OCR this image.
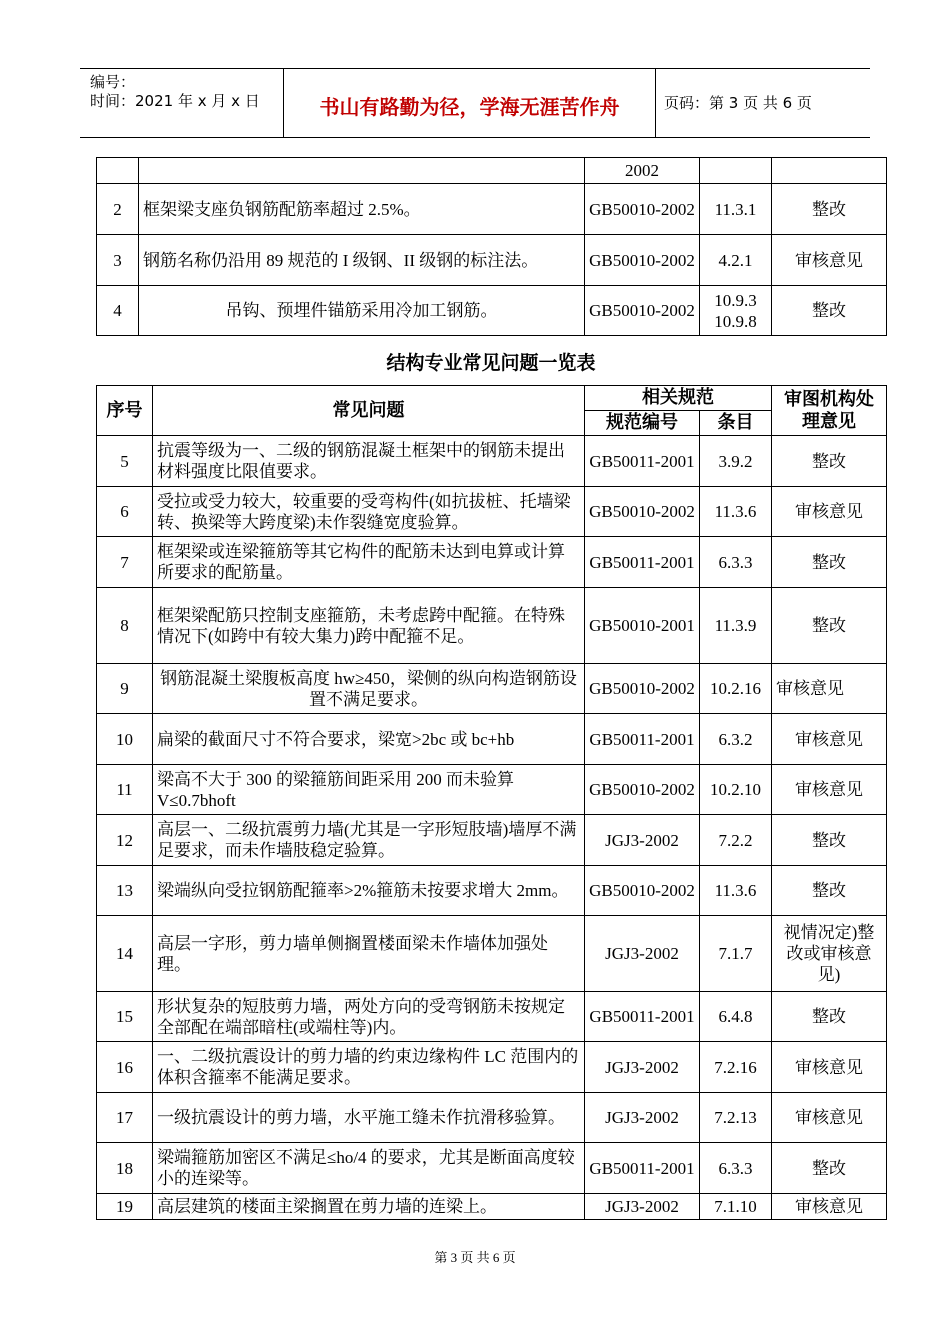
编号：
时间：2021 年 x 月 x 日	书山有路勤为径，学海无涯苦作舟	页码：第 3 页 共 6 页
		2002		
2	框架梁支座负钢筋配筋率超过 2.5%。	GB50010-2002	11.3.1	整改
3	钢筋名称仍沿用 89 规范的 I 级钢、II 级钢的标注法。	GB50010-2002	4.2.1	审核意见
4	吊钩、预埋件锚筋采用冷加工钢筋。	GB50010-2002	10.9.3 10.9.8	整改
结构专业常见问题一览表
序号	常见问题	相关规范		审图机构处理意见
		规范编号	条目	
5	抗震等级为一、二级的钢筋混凝土框架中的钢筋未提出材料强度比限值要求。	GB50011-2001	3.9.2	整改
6	受拉或受力较大，较重要的受弯构件(如抗拔桩、托墙梁转、换梁等大跨度梁)未作裂缝宽度验算。	GB50010-2002	11.3.6	审核意见
7	框架梁或连梁箍筋等其它构件的配筋未达到电算或计算所要求的配筋量。	GB50011-2001	6.3.3	整改
8	框架梁配筋只控制支座箍筋，未考虑跨中配箍。在特殊情况下(如跨中有较大集力)跨中配箍不足。	GB50010-2001	11.3.9	整改
9	钢筋混凝土梁腹板高度 hw≥450，梁侧的纵向构造钢筋设置不满足要求。	GB50010-2002	10.2.16	审核意见
10	扁梁的截面尺寸不符合要求，梁宽>2bc 或 bc+hb	GB50011-2001	6.3.2	审核意见
11	梁高不大于 300 的梁箍筋间距采用 200 而未验算 V≤0.7bhoft	GB50010-2002	10.2.10	审核意见
12	高层一、二级抗震剪力墙(尤其是一字形短肢墙)墙厚不满足要求，而未作墙肢稳定验算。	JGJ3-2002	7.2.2	整改
13	梁端纵向受拉钢筋配箍率>2%箍筋未按要求增大 2mm。	GB50010-2002	11.3.6	整改
14	高层一字形，剪力墙单侧搁置楼面梁未作墙体加强处理。	JGJ3-2002	7.1.7	视情况定)整改或审核意见)
15	形状复杂的短肢剪力墙，两处方向的受弯钢筋未按规定全部配在端部暗柱(或端柱等)内。	GB50011-2001	6.4.8	整改
16	一、二级抗震设计的剪力墙的约束边缘构件 LC 范围内的体积含箍率不能满足要求。	JGJ3-2002	7.2.16	审核意见
17	一级抗震设计的剪力墙，水平施工缝未作抗滑移验算。	JGJ3-2002	7.2.13	审核意见
18	梁端箍筋加密区不满足≤ho/4 的要求，尤其是断面高度较小的连梁等。	GB50011-2001	6.3.3	整改
19	高层建筑的楼面主梁搁置在剪力墙的连梁上。	JGJ3-2002	7.1.10	审核意见
第 3 页 共 6 页
